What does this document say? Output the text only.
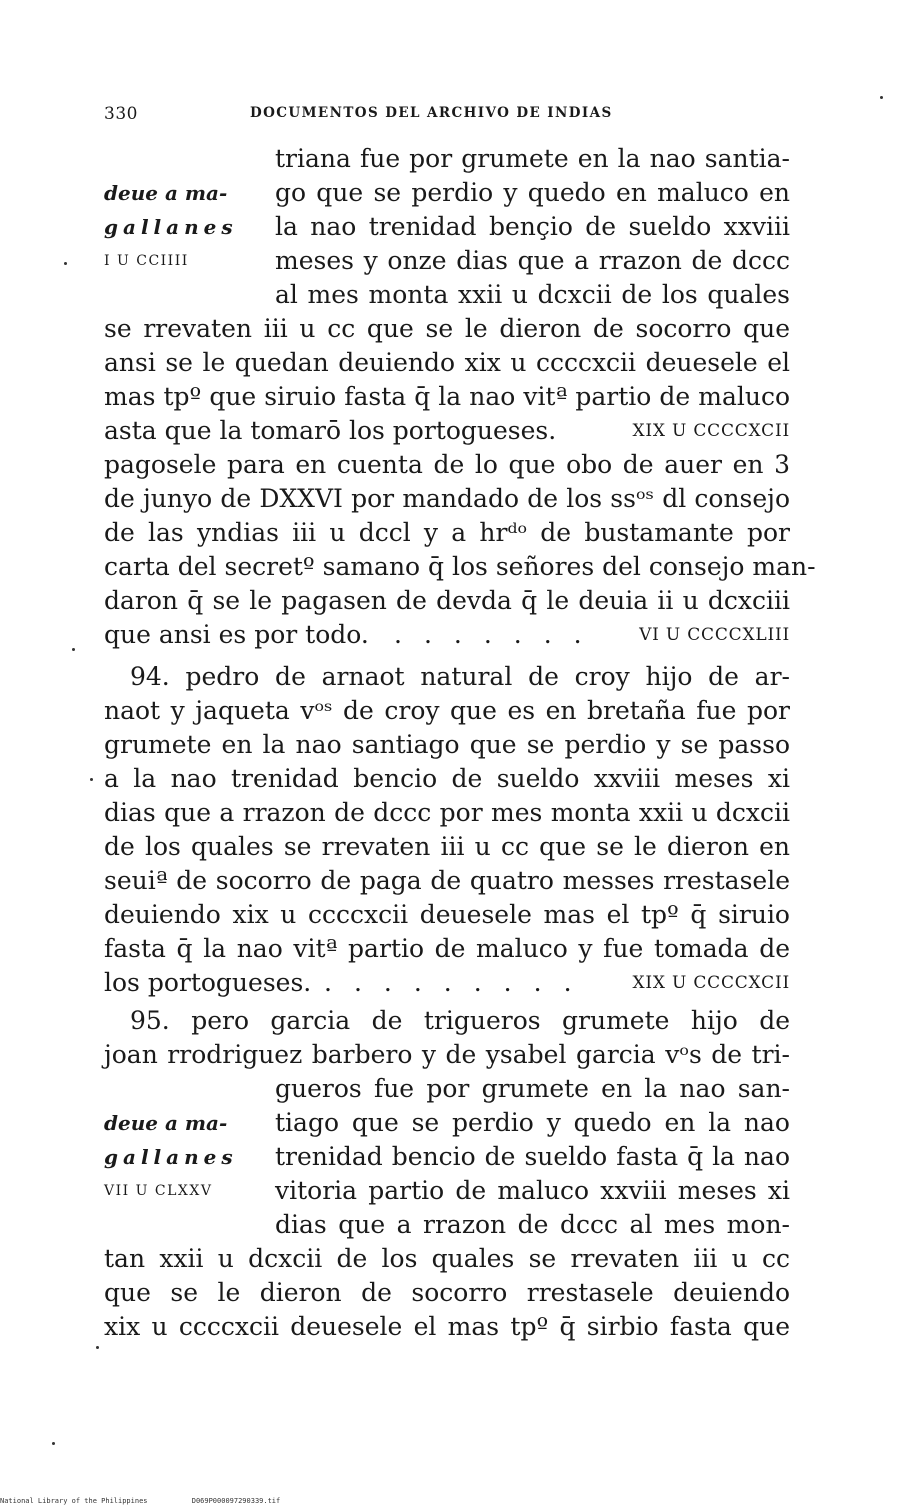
330	DOCUMENTOS DEL ARCHIVO DE INDIAS
deue a ma-
gallanes
I U CCIIII
triana fue por grumete en la nao santia-
go que se perdio y quedo en maluco en
la nao trenidad bençio de sueldo xxviii
meses y onze dias que a rrazon de dccc
al mes monta xxii u dcxcii de los quales
se rrevaten iii u cc que se le dieron de socorro que
ansi se le quedan deuiendo xix u ccccxcii deuesele el
mas tpº que siruio fasta q̄ la nao vitª partio de maluco
asta que la tomarō los portogueses.	XIX U CCCCXCII
pagosele para en cuenta de lo que obo de auer en 3
de junyo de DXXVI por mandado de los ssᵒˢ dl consejo
de las yndias iii u dccl y a hrᵈᵒ de bustamante por
carta del secretº samano q̄ los señores del consejo man-
daron q̄ se le pagasen de devda q̄ le deuia ii u dcxciii
que ansi es por todo. ....... VI U CCCCXLIII
94. pedro de arnaot natural de croy hijo de ar-
naot y jaqueta vᵒˢ de croy que es en bretaña fue por
grumete en la nao santiago que se perdio y se passo
a la nao trenidad bencio de sueldo xxviii meses xi
dias que a rrazon de dccc por mes monta xxii u dcxcii
de los quales se rrevaten iii u cc que se le dieron en
seuiª de socorro de paga de quatro messes rrestasele
deuiendo xix u ccccxcii deuesele mas el tpº q̄ siruio
fasta q̄ la nao vitª partio de maluco y fue tomada de
los portogueses. ......... XIX U CCCCXCII
95. pero garcia de trigueros grumete hijo de
joan rrodriguez barbero y de ysabel garcia vᵒs de tri-
deue a ma-
gallanes
VII U CLXXV
gueros fue por grumete en la nao san-
tiago que se perdio y quedo en la nao
trenidad bencio de sueldo fasta q̄ la nao
vitoria partio de maluco xxviii meses xi
dias que a rrazon de dccc al mes mon-
tan xxii u dcxcii de los quales se rrevaten iii u cc
que se le dieron de socorro rrestasele deuiendo
xix u ccccxcii deuesele el mas tpº q̄ sirbio fasta que
National Library of the Philippines	D069P000097290339.tif
